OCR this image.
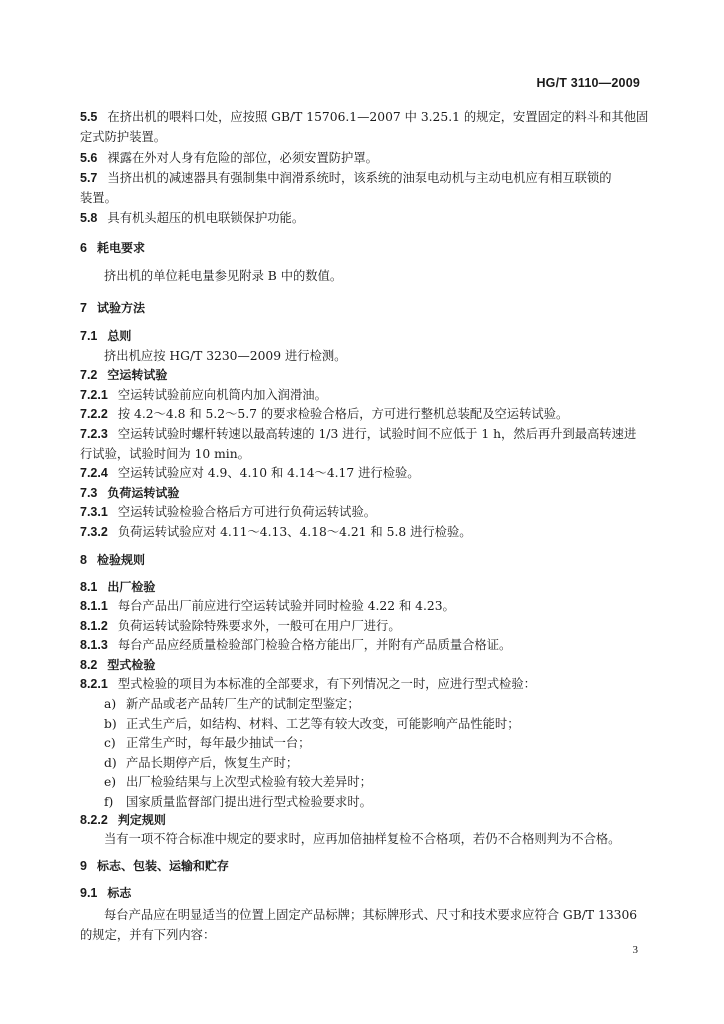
HG/T 3110—2009
5.5 在挤出机的喂料口处，应按照 GB/T 15706.1—2007 中 3.25.1 的规定，安置固定的料斗和其他固
定式防护装置。
5.6 裸露在外对人身有危险的部位，必须安置防护罩。
5.7 当挤出机的减速器具有强制集中润滑系统时，该系统的油泵电动机与主动电机应有相互联锁的
装置。
5.8 具有机头超压的机电联锁保护功能。
6 耗电要求
挤出机的单位耗电量参见附录 B 中的数值。
7 试验方法
7.1 总则
挤出机应按 HG/T 3230—2009 进行检测。
7.2 空运转试验
7.2.1 空运转试验前应向机筒内加入润滑油。
7.2.2 按 4.2～4.8 和 5.2～5.7 的要求检验合格后，方可进行整机总装配及空运转试验。
7.2.3 空运转试验时螺杆转速以最高转速的 1/3 进行，试验时间不应低于 1 h，然后再升到最高转速进
行试验，试验时间为 10 min。
7.2.4 空运转试验应对 4.9、4.10 和 4.14～4.17 进行检验。
7.3 负荷运转试验
7.3.1 空运转试验检验合格后方可进行负荷运转试验。
7.3.2 负荷运转试验应对 4.11～4.13、4.18～4.21 和 5.8 进行检验。
8 检验规则
8.1 出厂检验
8.1.1 每台产品出厂前应进行空运转试验并同时检验 4.22 和 4.23。
8.1.2 负荷运转试验除特殊要求外，一般可在用户厂进行。
8.1.3 每台产品应经质量检验部门检验合格方能出厂，并附有产品质量合格证。
8.2 型式检验
8.2.1 型式检验的项目为本标准的全部要求，有下列情况之一时，应进行型式检验：
a) 新产品或老产品转厂生产的试制定型鉴定；
b) 正式生产后，如结构、材料、工艺等有较大改变，可能影响产品性能时；
c) 正常生产时，每年最少抽试一台；
d) 产品长期停产后，恢复生产时；
e) 出厂检验结果与上次型式检验有较大差异时；
f) 国家质量监督部门提出进行型式检验要求时。
8.2.2 判定规则
当有一项不符合标准中规定的要求时，应再加倍抽样复检不合格项，若仍不合格则判为不合格。
9 标志、包装、运输和贮存
9.1 标志
每台产品应在明显适当的位置上固定产品标牌；其标牌形式、尺寸和技术要求应符合 GB/T 13306
的规定，并有下列内容：
3
